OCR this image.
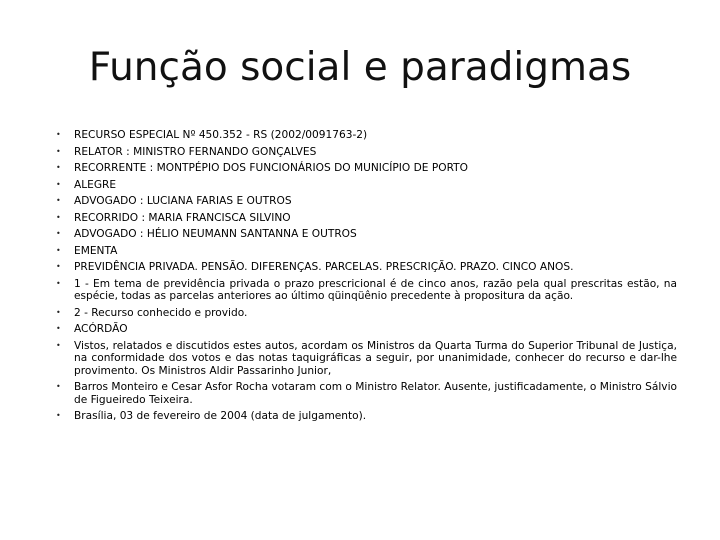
Função social e paradigmas
•	RECURSO ESPECIAL Nº 450.352 - RS (2002/0091763-2)
•	RELATOR : MINISTRO FERNANDO GONÇALVES
•	RECORRENTE : MONTPÉPIO DOS FUNCIONÁRIOS DO MUNICÍPIO DE PORTO
•	ALEGRE
•	ADVOGADO : LUCIANA FARIAS E OUTROS
•	RECORRIDO : MARIA FRANCISCA SILVINO
•	ADVOGADO : HÉLIO NEUMANN SANTANNA E OUTROS
•	EMENTA
•	PREVIDÊNCIA PRIVADA. PENSÃO. DIFERENÇAS. PARCELAS. PRESCRIÇÃO. PRAZO. CINCO ANOS.
•	1 - Em tema de previdência privada o prazo prescricional é de cinco anos, razão pela qual prescritas estão, na espécie, todas as parcelas anteriores ao último qüinqüênio precedente à propositura da ação.
•	2 - Recurso conhecido e provido.
•	ACÓRDÃO
•	Vistos, relatados e discutidos estes autos, acordam os Ministros da Quarta Turma do Superior Tribunal de Justiça, na conformidade dos votos e das notas taquigráficas a seguir, por unanimidade, conhecer do recurso e dar-lhe provimento. Os Ministros Aldir Passarinho Junior,
•	Barros Monteiro e Cesar Asfor Rocha votaram com o Ministro Relator. Ausente, justificadamente, o Ministro Sálvio de Figueiredo Teixeira.
•	Brasília, 03 de fevereiro de 2004 (data de julgamento).
